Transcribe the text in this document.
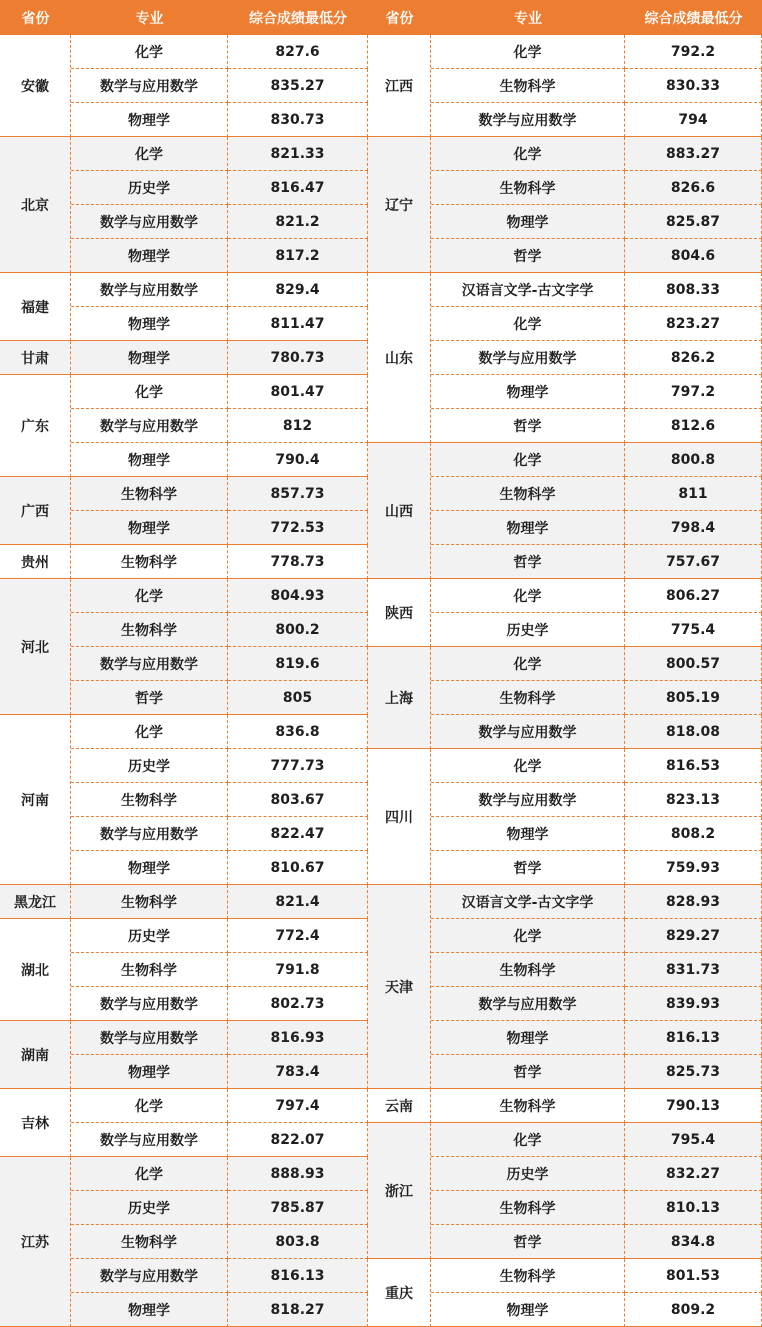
省份	专业	综合成绩最低分	省份	专业	综合成绩最低分
安徽
化学	827.6
数学与应用数学	835.27
物理学	830.73
北京
化学	821.33
历史学	816.47
数学与应用数学	821.2
物理学	817.2
福建
数学与应用数学	829.4
物理学	811.47
甘肃	物理学	780.73
广东
化学	801.47
数学与应用数学	812
物理学	790.4
广西
生物科学	857.73
物理学	772.53
贵州	生物科学	778.73
河北
化学	804.93
生物科学	800.2
数学与应用数学	819.6
哲学	805
河南
化学	836.8
历史学	777.73
生物科学	803.67
数学与应用数学	822.47
物理学	810.67
黑龙江	生物科学	821.4
湖北
历史学	772.4
生物科学	791.8
数学与应用数学	802.73
湖南
数学与应用数学	816.93
物理学	783.4
吉林
化学	797.4
数学与应用数学	822.07
江苏
化学	888.93
历史学	785.87
生物科学	803.8
数学与应用数学	816.13
物理学	818.27
江西
化学	792.2
生物科学	830.33
数学与应用数学	794
辽宁
化学	883.27
生物科学	826.6
物理学	825.87
哲学	804.6
山东
汉语言文学-古文字学	808.33
化学	823.27
数学与应用数学	826.2
物理学	797.2
哲学	812.6
山西
化学	800.8
生物科学	811
物理学	798.4
哲学	757.67
陕西
化学	806.27
历史学	775.4
上海
化学	800.57
生物科学	805.19
数学与应用数学	818.08
四川
化学	816.53
数学与应用数学	823.13
物理学	808.2
哲学	759.93
天津
汉语言文学-古文字学	828.93
化学	829.27
生物科学	831.73
数学与应用数学	839.93
物理学	816.13
哲学	825.73
云南	生物科学	790.13
浙江
化学	795.4
历史学	832.27
生物科学	810.13
哲学	834.8
重庆
生物科学	801.53
物理学	809.2
